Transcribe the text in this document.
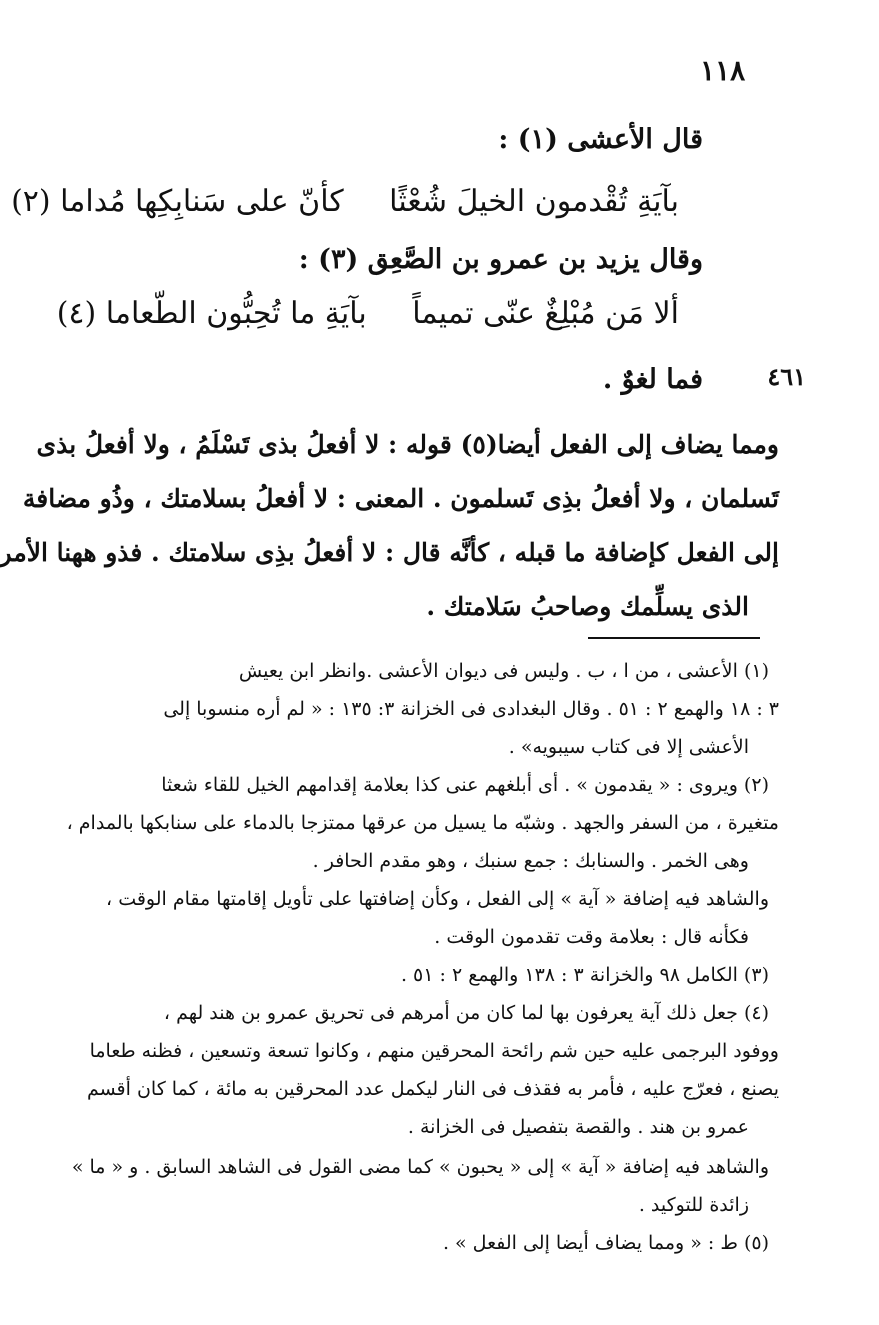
١١٨
قال الأعشى (١) :
بآيَةِ تُقْدمون الخيلَ شُعْثًا كأنّ على سَنابِكِها مُداما (٢)
وقال يزيد بن عمرو بن الصَّعِق (٣) :
ألا مَن مُبْلِغٌ عنّى تميماً بآيَةِ ما تُحِبُّون الطّعاما (٤)
٤٦١
فما لغوٌ .
ومما يضاف إلى الفعل أيضا(٥) قوله : لا أفعلُ بذى تَسْلَمُ ، ولا أفعلُ بذى
تَسلمان ، ولا أفعلُ بذِى تَسلمون . المعنى : لا أفعلُ بسلامتك ، وذُو مضافة
إلى الفعل كإضافة ما قبله ، كأنَّه قال : لا أفعلُ بذِى سلامتك . فذو ههنا الأمر
الذى يسلِّمك وصاحبُ سَلامتك .
(١) الأعشى ، من ا ، ب . وليس فى ديوان الأعشى .وانظر ابن يعيش
٣ : ١٨ والهمع ٢ : ٥١ . وقال البغدادى فى الخزانة ٣: ١٣٥ : « لم أره منسوبا إلى
الأعشى إلا فى كتاب سيبويه» .
(٢) ويروى : « يقدمون » . أى أبلغهم عنى كذا بعلامة إقدامهم الخيل للقاء شعثا
متغيرة ، من السفر والجهد . وشبّه ما يسيل من عرقها ممتزجا بالدماء على سنابكها بالمدام ،
وهى الخمر . والسنابك : جمع سنبك ، وهو مقدم الحافر .
والشاهد فيه إضافة « آية » إلى الفعل ، وكأن إضافتها على تأويل إقامتها مقام الوقت ،
فكأنه قال : بعلامة وقت تقدمون الوقت .
(٣) الكامل ٩٨ والخزانة ٣ : ١٣٨ والهمع ٢ : ٥١ .
(٤) جعل ذلك آية يعرفون بها لما كان من أمرهم فى تحريق عمرو بن هند لهم ،
ووفود البرجمى عليه حين شم رائحة المحرقين منهم ، وكانوا تسعة وتسعين ، فظنه طعاما
يصنع ، فعرّج عليه ، فأمر به فقذف فى النار ليكمل عدد المحرقين به مائة ، كما كان أقسم
عمرو بن هند . والقصة بتفصيل فى الخزانة .
والشاهد فيه إضافة « آية » إلى « يحبون » كما مضى القول فى الشاهد السابق . و « ما »
زائدة للتوكيد .
(٥) ط : « ومما يضاف أيضا إلى الفعل » .
